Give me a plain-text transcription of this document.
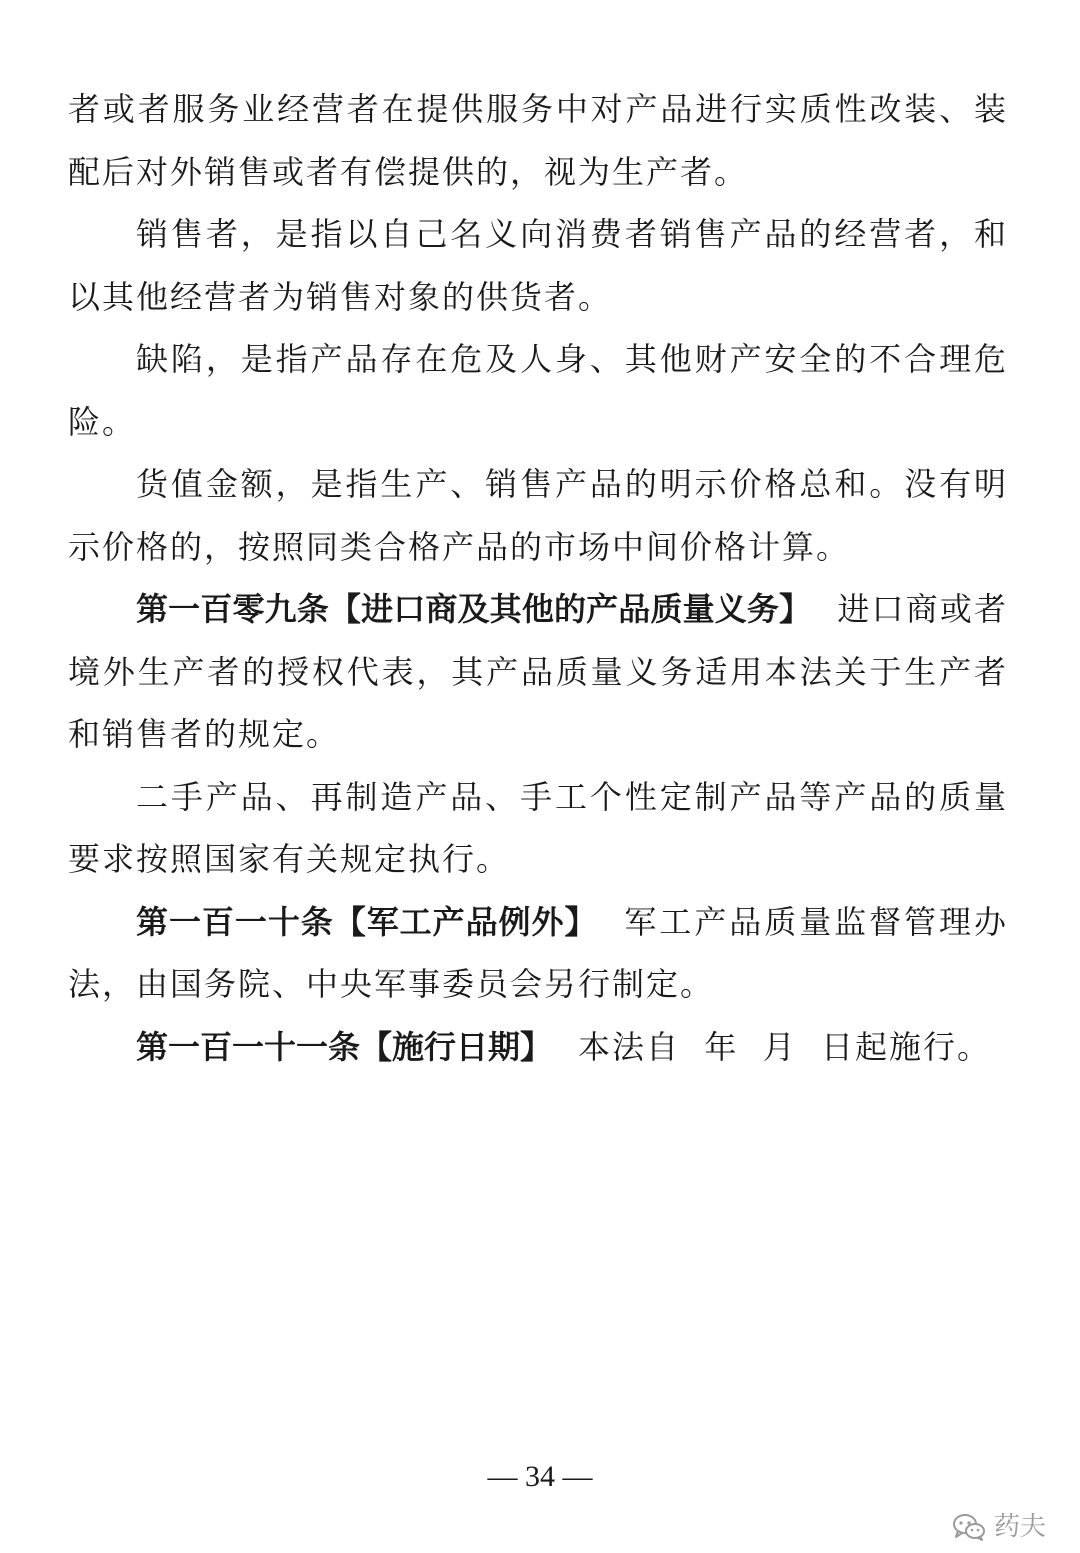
者或者服务业经营者在提供服务中对产品进行实质性改装、装配后对外销售或者有偿提供的，视为生产者。

销售者，是指以自己名义向消费者销售产品的经营者，和以其他经营者为销售对象的供货者。

缺陷，是指产品存在危及人身、其他财产安全的不合理危险。

货值金额，是指生产、销售产品的明示价格总和。没有明示价格的，按照同类合格产品的市场中间价格计算。

第一百零九条【进口商及其他的产品质量义务】 进口商或者境外生产者的授权代表，其产品质量义务适用本法关于生产者和销售者的规定。

二手产品、再制造产品、手工个性定制产品等产品的质量要求按照国家有关规定执行。

第一百一十条【军工产品例外】 军工产品质量监督管理办法，由国务院、中央军事委员会另行制定。

第一百一十一条【施行日期】 本法自  年  月  日起施行。

— 34 —
药夫
